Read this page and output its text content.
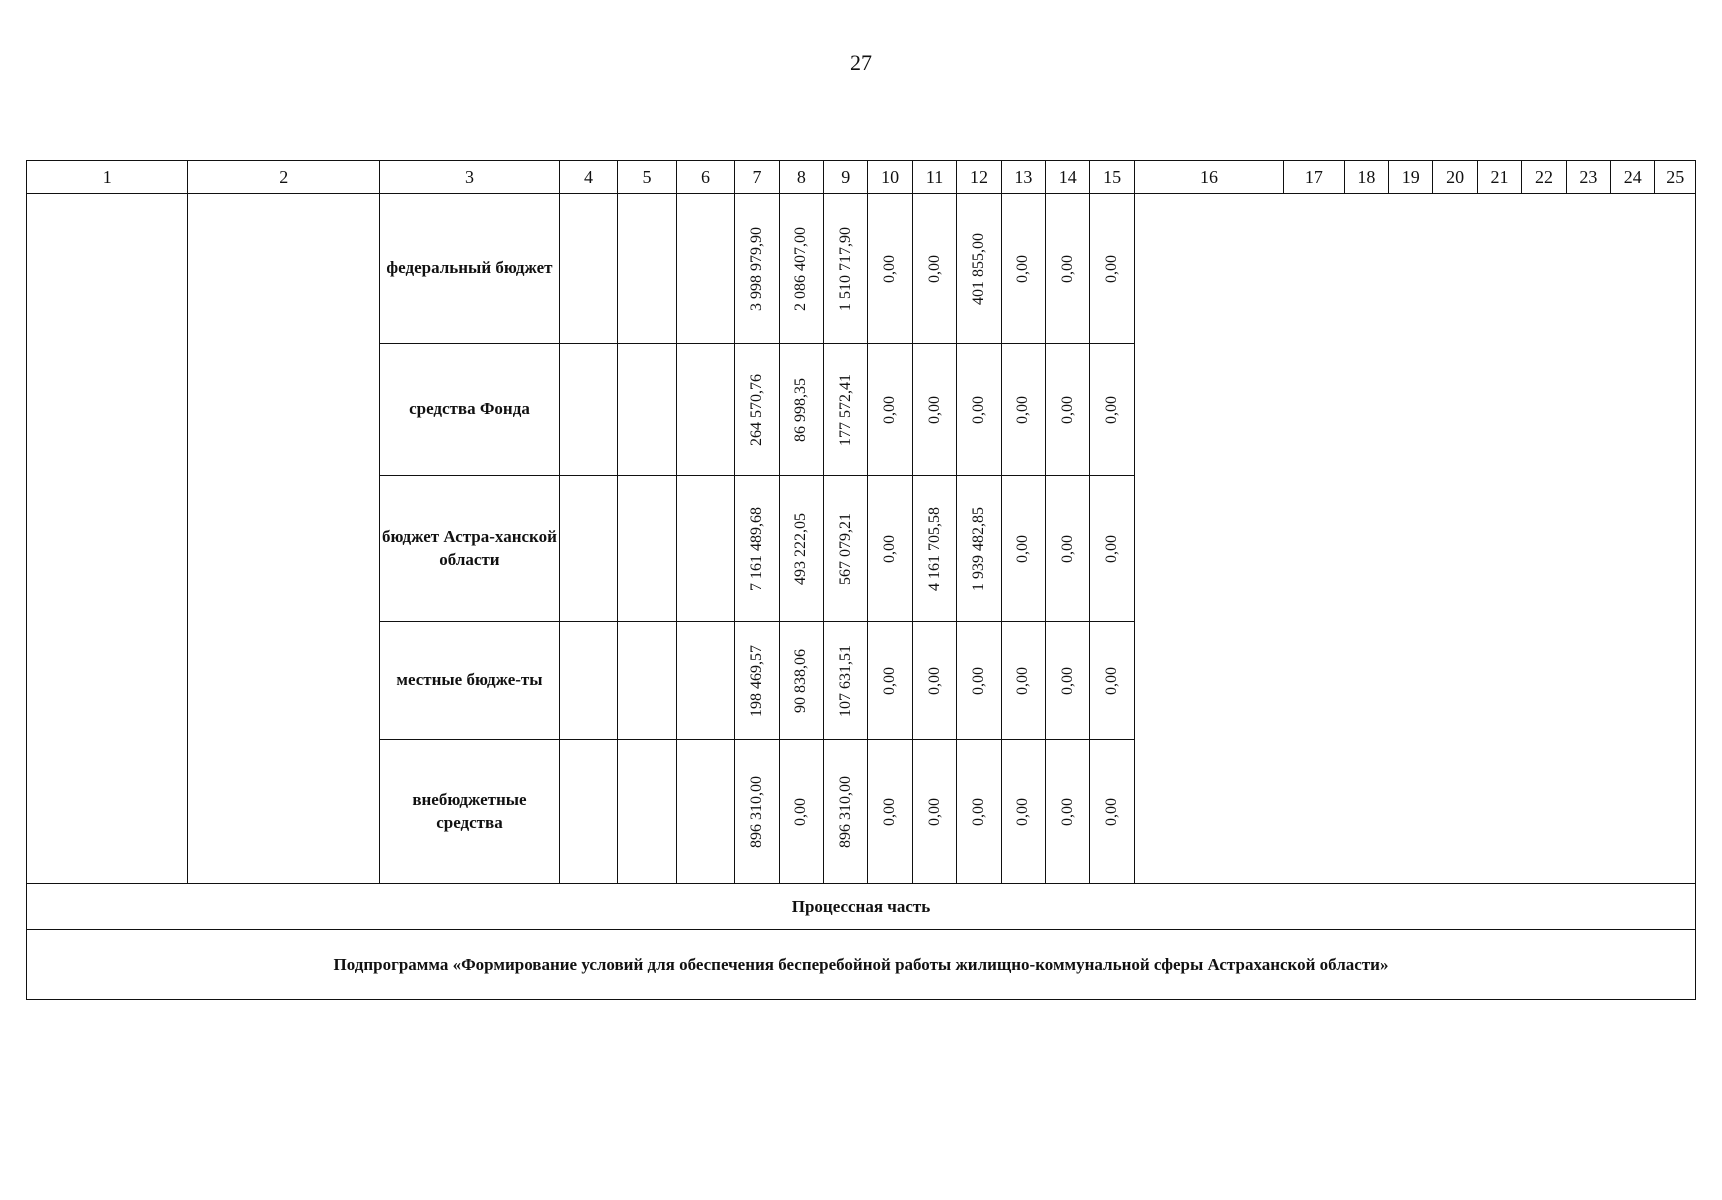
27
1	2	3	4	5	6	7	8	9	10	11	12	13	14	15	16	17	18	19	20	21	22	23	24	25
		федеральный бюджет				3 998 979,90	2 086 407,00	1 510 717,90	0,00	0,00	401 855,00	0,00	0,00	0,00										

		средства Фонда				264 570,76	86 998,35	177 572,41	0,00	0,00	0,00	0,00	0,00	0,00										

		бюджет Астра-ханской области				7 161 489,68	493 222,05	567 079,21	0,00	4 161 705,58	1 939 482,85	0,00	0,00	0,00										

		местные бюдже-ты				198 469,57	90 838,06	107 631,51	0,00	0,00	0,00	0,00	0,00	0,00										

		внебюджетные средства				896 310,00	0,00	896 310,00	0,00	0,00	0,00	0,00	0,00	0,00										

Процессная часть																								
Подпрограмма «Формирование условий для обеспечения бесперебойной работы жилищно-коммунальной сферы Астраханской области»																								
